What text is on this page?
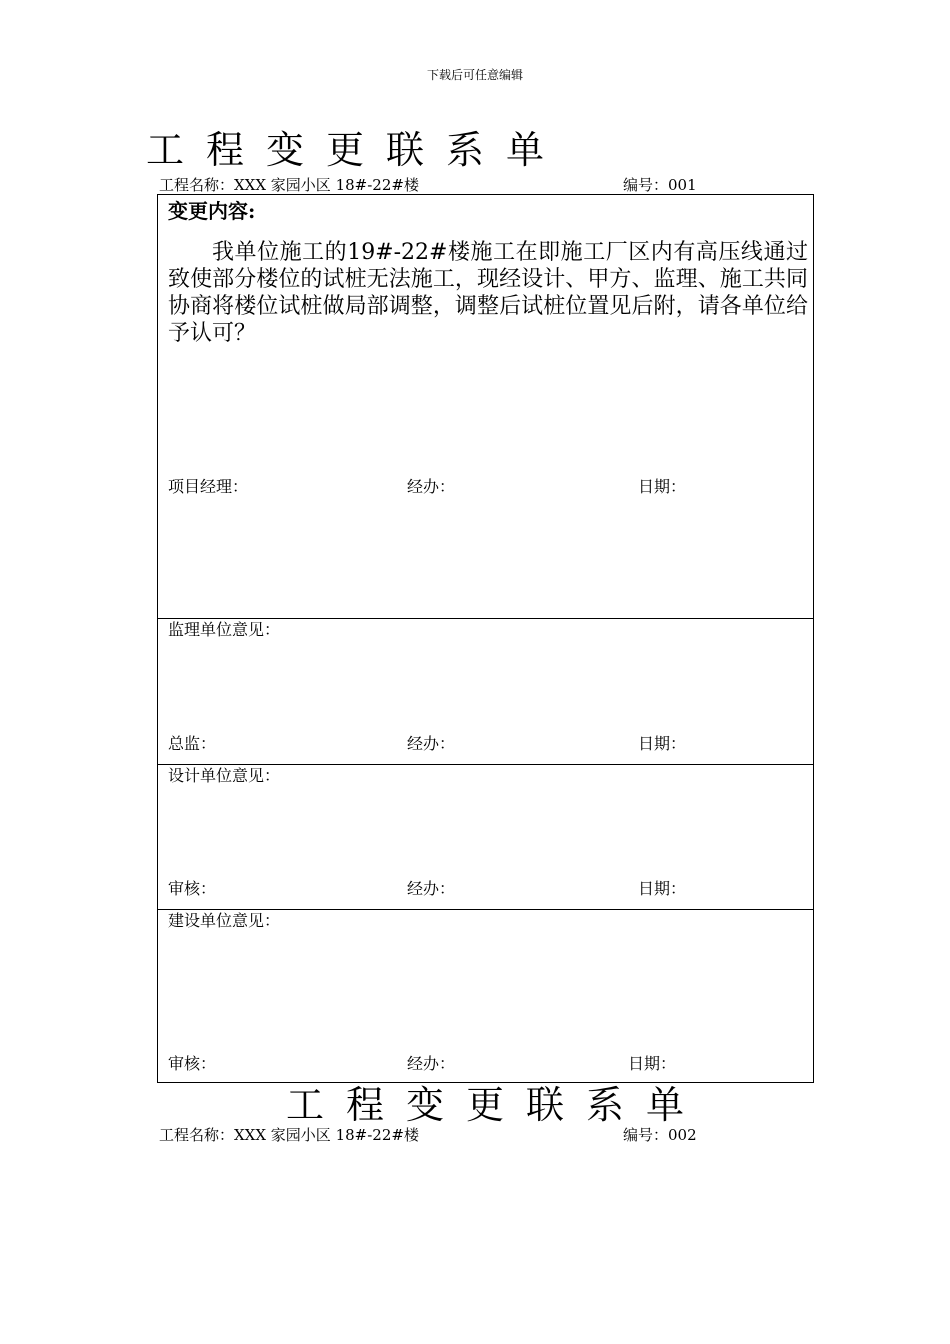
下载后可任意编辑
工程变更联系单
工程名称：XXX 家园小区 18#-22#楼	编号：001
变更内容:
我单位施工的19#-22#楼施工在即施工厂区内有高压线通过致使部分楼位的试桩无法施工，现经设计、甲方、监理、施工共同协商将楼位试桩做局部调整，调整后试桩位置见后附，请各单位给予认可？
项目经理：	经办：	日期：
监理单位意见：
总监：	经办：	日期：
设计单位意见：
审核：	经办：	日期：
建设单位意见：
审核：	经办：	日期：
工程变更联系单
工程名称：XXX 家园小区 18#-22#楼	编号：002
